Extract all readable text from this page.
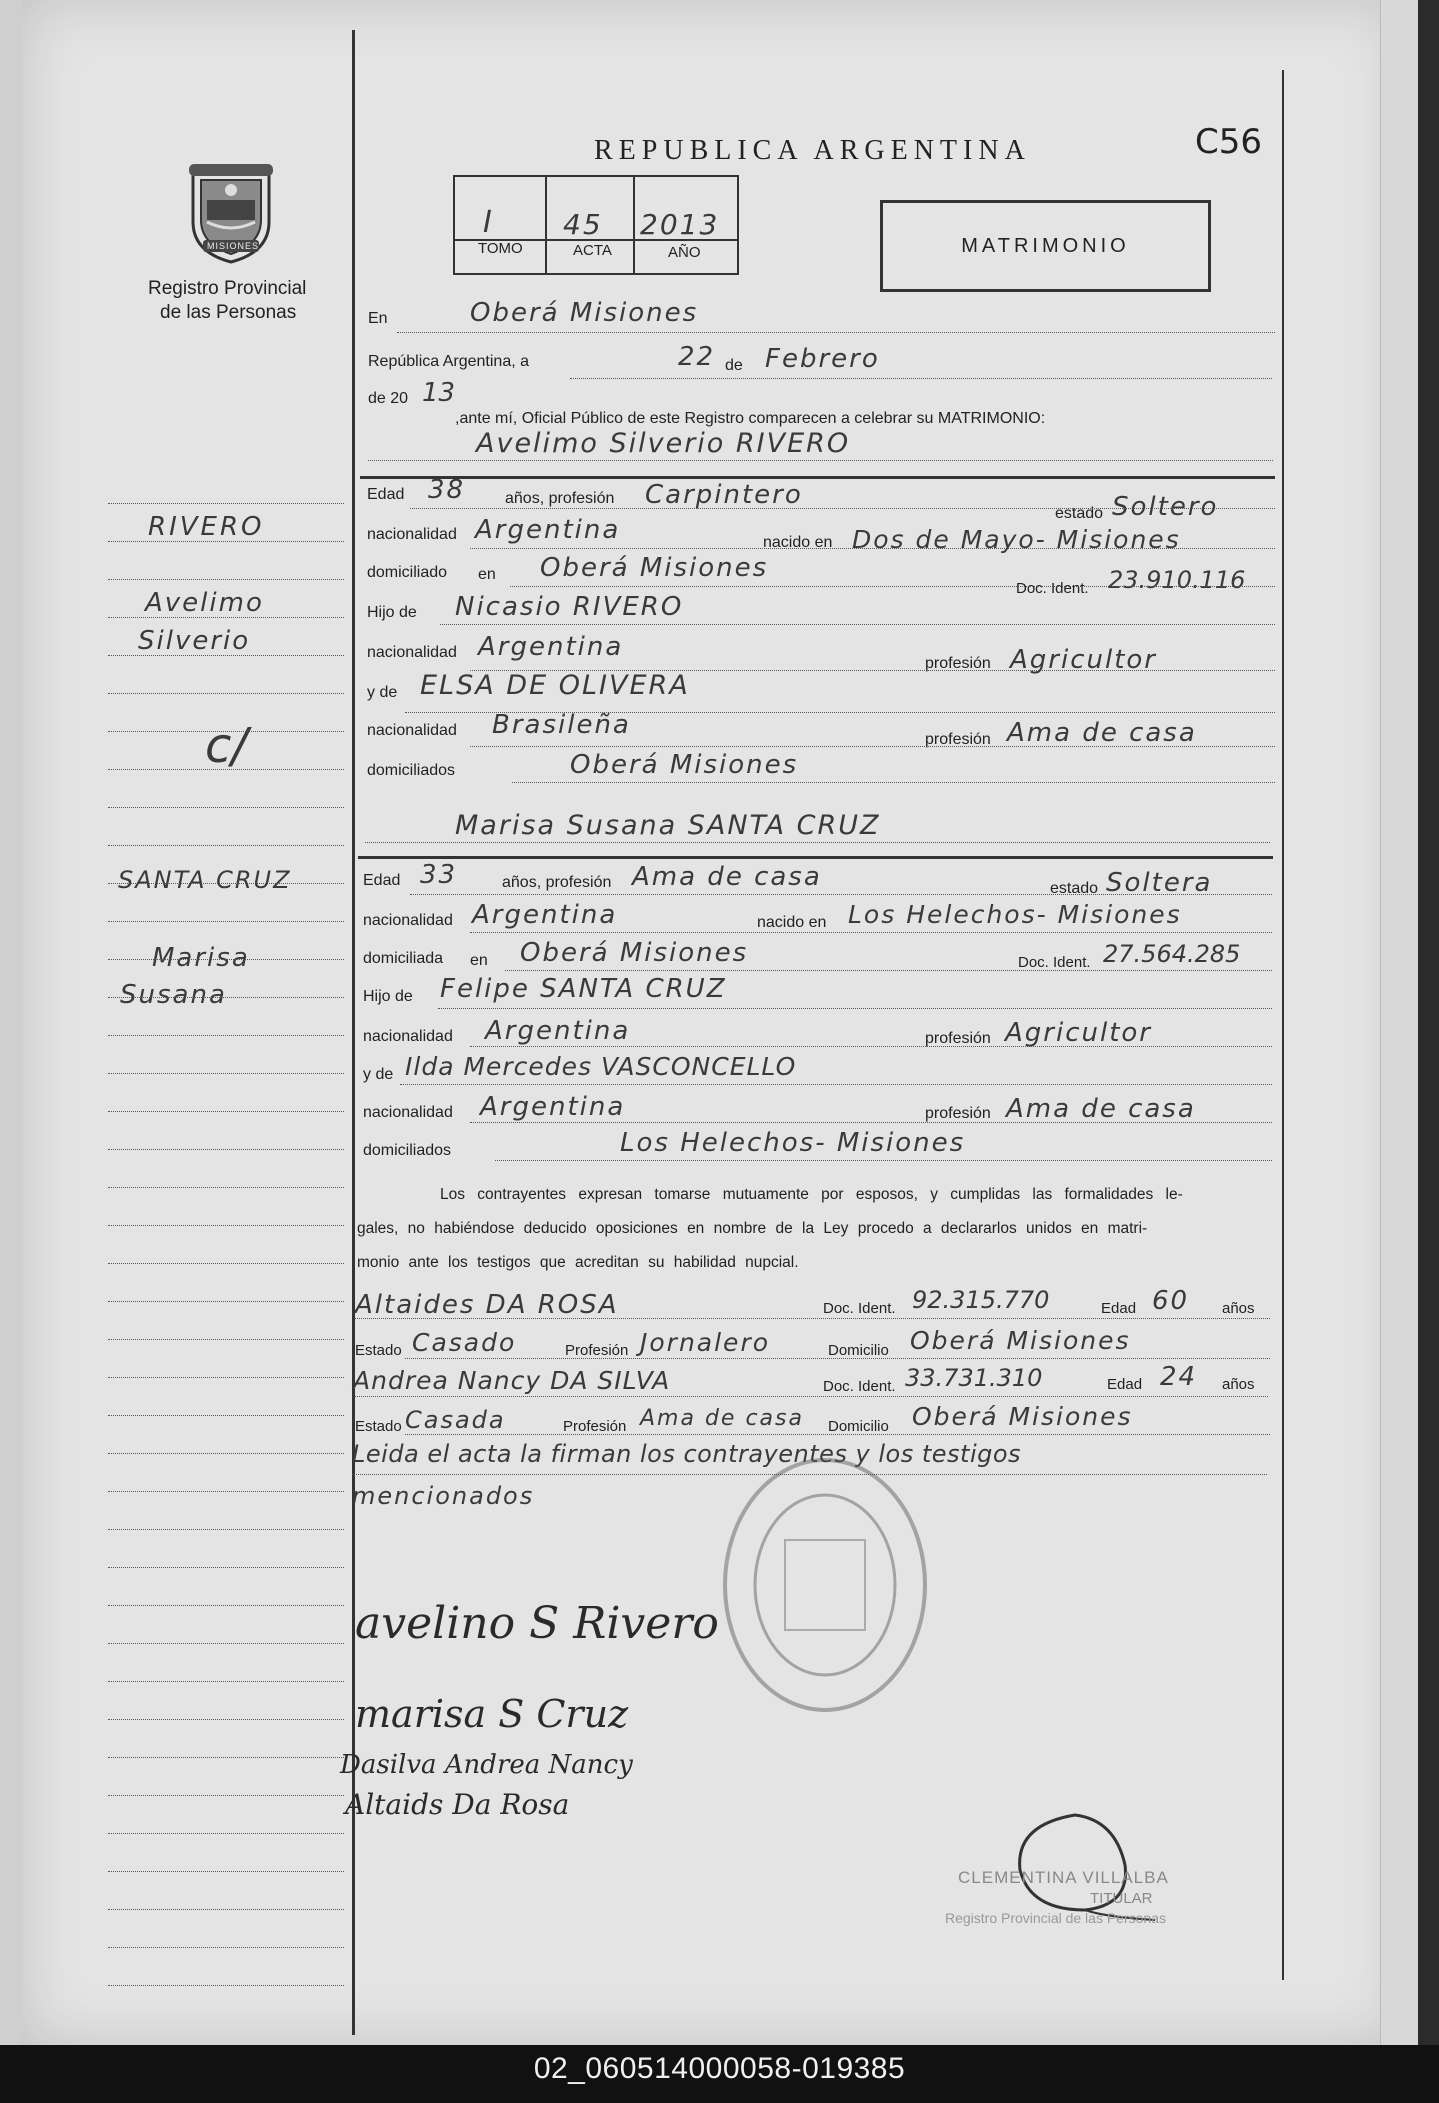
REPUBLICA ARGENTINA	C56
MISIONES
Registro Provincial
de las Personas
I 45 2013
TOMO	ACTA	AÑO	MATRIMONIO
En	Oberá Misiones
República Argentina, a	22 de Febrero
de 20 13
,ante mí, Oficial Público de este Registro comparecen a celebrar su MATRIMONIO:
Avelimo Silverio RIVERO
Edad 38 años, profesión Carpintero
estado Soltero
nacionalidad Argentina	nacido en Dos de Mayo- Misiones
domiciliado en Oberá Misiones
Doc. Ident. 23.910.116
Hijo de Nicasio RIVERO
nacionalidad Argentina
profesión Agricultor
y de ELSA DE OLIVERA
nacionalidad Brasileña	profesión Ama de casa
domiciliados	Oberá Misiones
Marisa Susana SANTA CRUZ
Edad 33	años, profesión Ama de casa	estado Soltera
nacionalidad Argentina	nacido en Los Helechos- Misiones
domiciliada en Oberá Misiones	Doc. Ident. 27.564.285
Hijo de Felipe SANTA CRUZ
nacionalidad Argentina	profesión Agricultor
y de Ilda Mercedes VASCONCELLO
nacionalidad Argentina	profesión Ama de casa
domiciliados	Los Helechos- Misiones
Los contrayentes expresan tomarse mutuamente por esposos, y cumplidas las formalidades le-
gales, no habiéndose deducido oposiciones en nombre de la Ley procedo a declararlos unidos en matri-
monio ante los testigos que acreditan su habilidad nupcial.
Altaides DA ROSA	Doc. Ident. 92.315.770	Edad 60 años
Estado Casado	Profesión Jornalero	Domicilio Oberá Misiones
Andrea Nancy DA SILVA	Doc. Ident. 33.731.310	Edad 24 años
Estado Casada	Profesión Ama de casa Domicilio Oberá Misiones
Leida el acta la firman los contrayentes y los testigos
mencionados
avelino S Rivero
marisa S Cruz
Dasilva Andrea Nancy
Altaids Da Rosa
CLEMENTINA VILLALBA
TITULAR
Registro Provincial de las Personas
RIVERO
Avelimo
Silverio
c/
SANTA CRUZ
Marisa
Susana
02_060514000058-019385
